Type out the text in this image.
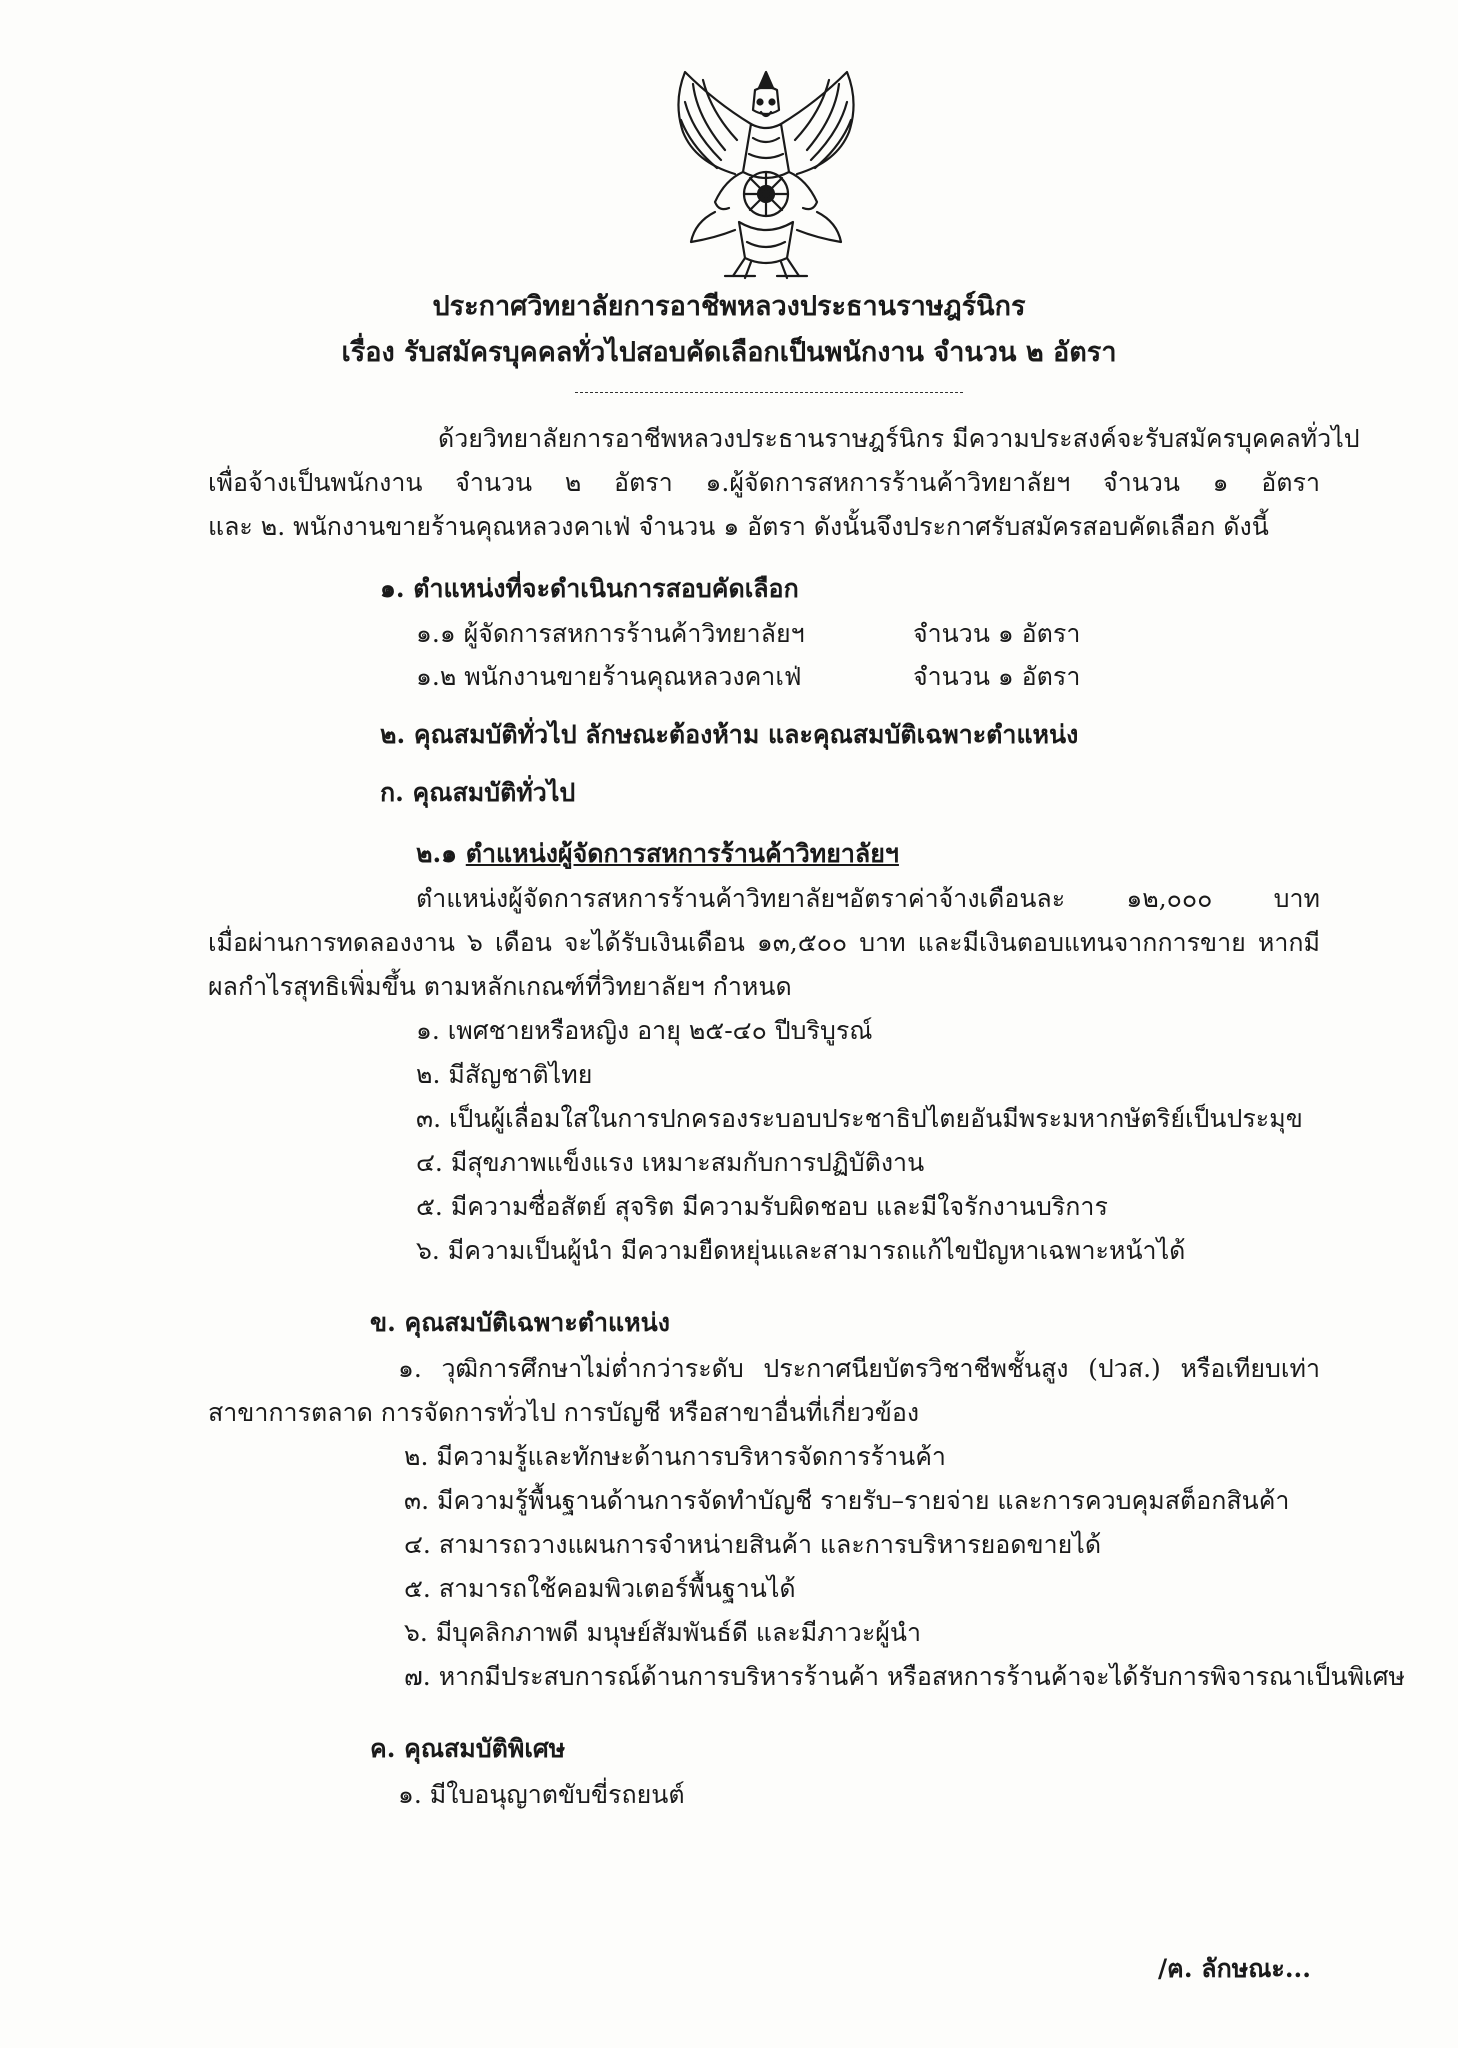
ประกาศวิทยาลัยการอาชีพหลวงประธานราษฎร์นิกร
เรื่อง รับสมัครบุคคลทั่วไปสอบคัดเลือกเป็นพนักงาน จำนวน ๒ อัตรา
ด้วยวิทยาลัยการอาชีพหลวงประธานราษฎร์นิกร มีความประสงค์จะรับสมัครบุคคลทั่วไป
เพื่อจ้างเป็นพนักงาน จำนวน ๒ อัตรา ๑.ผู้จัดการสหการร้านค้าวิทยาลัยฯ จำนวน ๑ อัตรา
และ ๒. พนักงานขายร้านคุณหลวงคาเฟ่ จำนวน ๑ อัตรา ดังนั้นจึงประกาศรับสมัครสอบคัดเลือก ดังนี้
๑. ตำแหน่งที่จะดำเนินการสอบคัดเลือก
๑.๑ ผู้จัดการสหการร้านค้าวิทยาลัยฯ	จำนวน ๑ อัตรา
๑.๒ พนักงานขายร้านคุณหลวงคาเฟ่	จำนวน ๑ อัตรา
๒. คุณสมบัติทั่วไป ลักษณะต้องห้าม และคุณสมบัติเฉพาะตำแหน่ง
ก. คุณสมบัติทั่วไป
๒.๑ ตำแหน่งผู้จัดการสหการร้านค้าวิทยาลัยฯ
ตำแหน่งผู้จัดการสหการร้านค้าวิทยาลัยฯอัตราค่าจ้างเดือนละ ๑๒,๐๐๐ บาท
เมื่อผ่านการทดลองงาน ๖ เดือน จะได้รับเงินเดือน ๑๓,๕๐๐ บาท และมีเงินตอบแทนจากการขาย หากมี
ผลกำไรสุทธิเพิ่มขึ้น ตามหลักเกณฑ์ที่วิทยาลัยฯ กำหนด
๑. เพศชายหรือหญิง อายุ ๒๕-๔๐ ปีบริบูรณ์
๒. มีสัญชาติไทย
๓. เป็นผู้เลื่อมใสในการปกครองระบอบประชาธิปไตยอันมีพระมหากษัตริย์เป็นประมุข
๔. มีสุขภาพแข็งแรง เหมาะสมกับการปฏิบัติงาน
๕. มีความซื่อสัตย์ สุจริต มีความรับผิดชอบ และมีใจรักงานบริการ
๖. มีความเป็นผู้นำ มีความยืดหยุ่นและสามารถแก้ไขปัญหาเฉพาะหน้าได้
ข. คุณสมบัติเฉพาะตำแหน่ง
๑. วุฒิการศึกษาไม่ต่ำกว่าระดับ ประกาศนียบัตรวิชาชีพชั้นสูง (ปวส.) หรือเทียบเท่า
สาขาการตลาด การจัดการทั่วไป การบัญชี หรือสาขาอื่นที่เกี่ยวข้อง
๒. มีความรู้และทักษะด้านการบริหารจัดการร้านค้า
๓. มีความรู้พื้นฐานด้านการจัดทำบัญชี รายรับ–รายจ่าย และการควบคุมสต็อกสินค้า
๔. สามารถวางแผนการจำหน่ายสินค้า และการบริหารยอดขายได้
๕. สามารถใช้คอมพิวเตอร์พื้นฐานได้
๖. มีบุคลิกภาพดี มนุษย์สัมพันธ์ดี และมีภาวะผู้นำ
๗. หากมีประสบการณ์ด้านการบริหารร้านค้า หรือสหการร้านค้าจะได้รับการพิจารณาเป็นพิเศษ
ค. คุณสมบัติพิเศษ
๑. มีใบอนุญาตขับขี่รถยนต์
/ฅ. ลักษณะ...
